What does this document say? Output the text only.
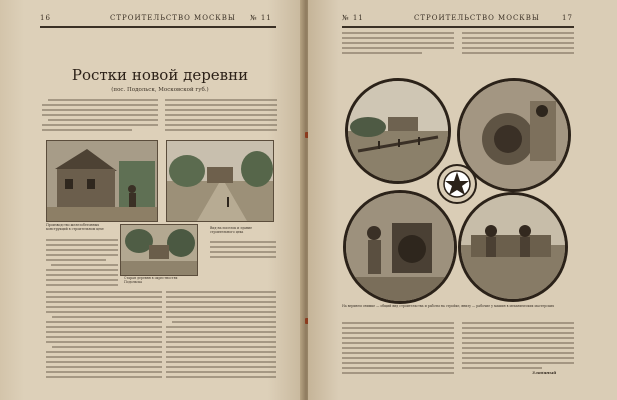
16	СТРОИТЕЛЬСТВО МОСКВЫ № 11
Ростки новой деревни
(пос. Подольск, Московской губ.)
Производство железобетонных конструкций в строительном цехе
Старая деревня в окрестностях Подольска
Вид на поселок и здание строительного цеха
№ 11	СТРОИТЕЛЬСТВО МОСКВЫ	17
На верхнем снимке — общий вид строительства и работы на стройке, внизу — рабочие у машин в механических мастерских
Злобиный
